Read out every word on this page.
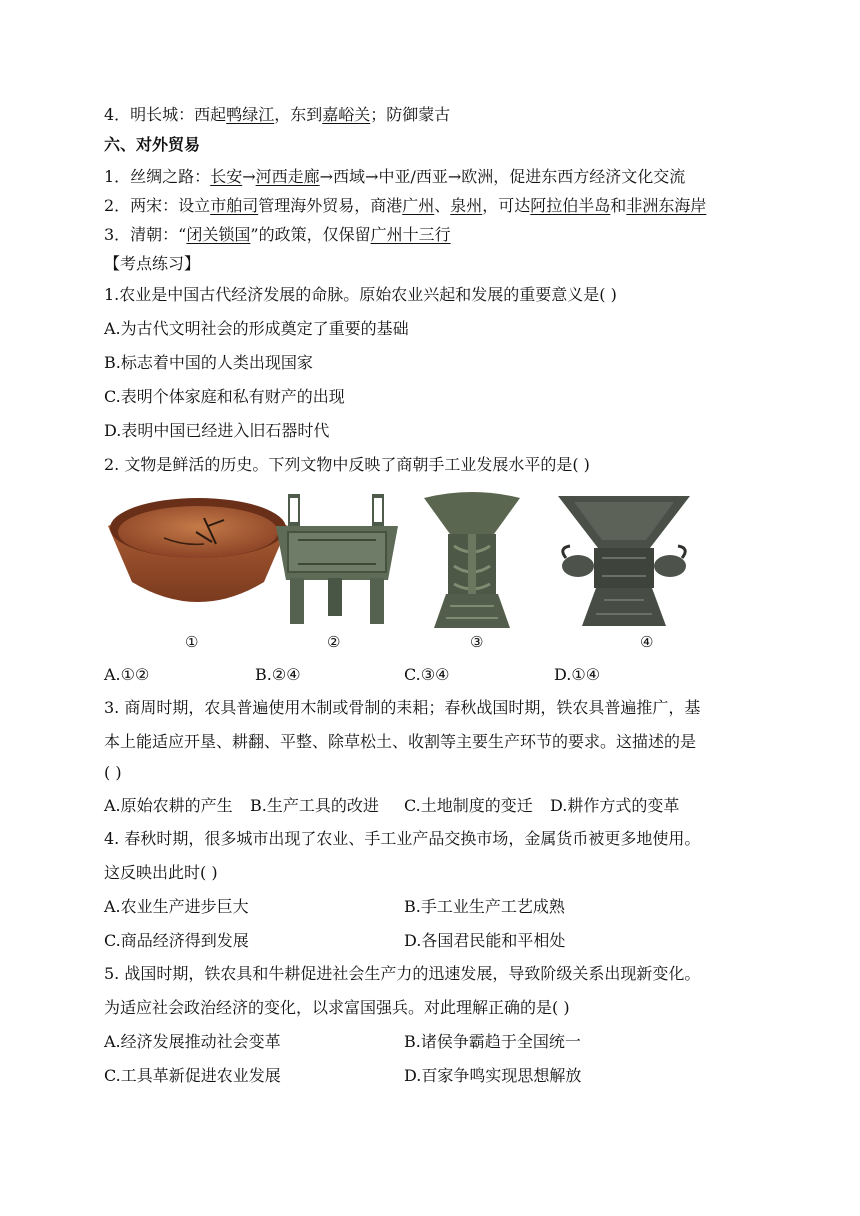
4．明长城：西起鸭绿江，东到嘉峪关；防御蒙古
六、对外贸易
1．丝绸之路：长安→河西走廊→西域→中亚/西亚→欧洲，促进东西方经济文化交流
2．两宋：设立市舶司管理海外贸易，商港广州、泉州，可达阿拉伯半岛和非洲东海岸
3．清朝：“闭关锁国”的政策，仅保留广州十三行
【考点练习】
1.农业是中国古代经济发展的命脉。原始农业兴起和发展的重要意义是( )
A.为古代文明社会的形成奠定了重要的基础
B.标志着中国的人类出现国家
C.表明个体家庭和私有财产的出现
D.表明中国已经进入旧石器时代
2. 文物是鲜活的历史。下列文物中反映了商朝手工业发展水平的是( )
①	②	③	④
A.①②	B.②④	C.③④	D.①④
3. 商周时期，农具普遍使用木制或骨制的耒耜；春秋战国时期，铁农具普遍推广，基
本上能适应开垦、耕翻、平整、除草松土、收割等主要生产环节的要求。这描述的是
( )
A.原始农耕的产生 B.生产工具的改进 C.土地制度的变迁 D.耕作方式的变革
4. 春秋时期，很多城市出现了农业、手工业产品交换市场，金属货币被更多地使用。
这反映出此时( )
A.农业生产进步巨大	B.手工业生产工艺成熟
C.商品经济得到发展	D.各国君民能和平相处
5. 战国时期，铁农具和牛耕促进社会生产力的迅速发展，导致阶级关系出现新变化。
为适应社会政治经济的变化，以求富国强兵。对此理解正确的是( )
A.经济发展推动社会变革	B.诸侯争霸趋于全国统一
C.工具革新促进农业发展	D.百家争鸣实现思想解放
